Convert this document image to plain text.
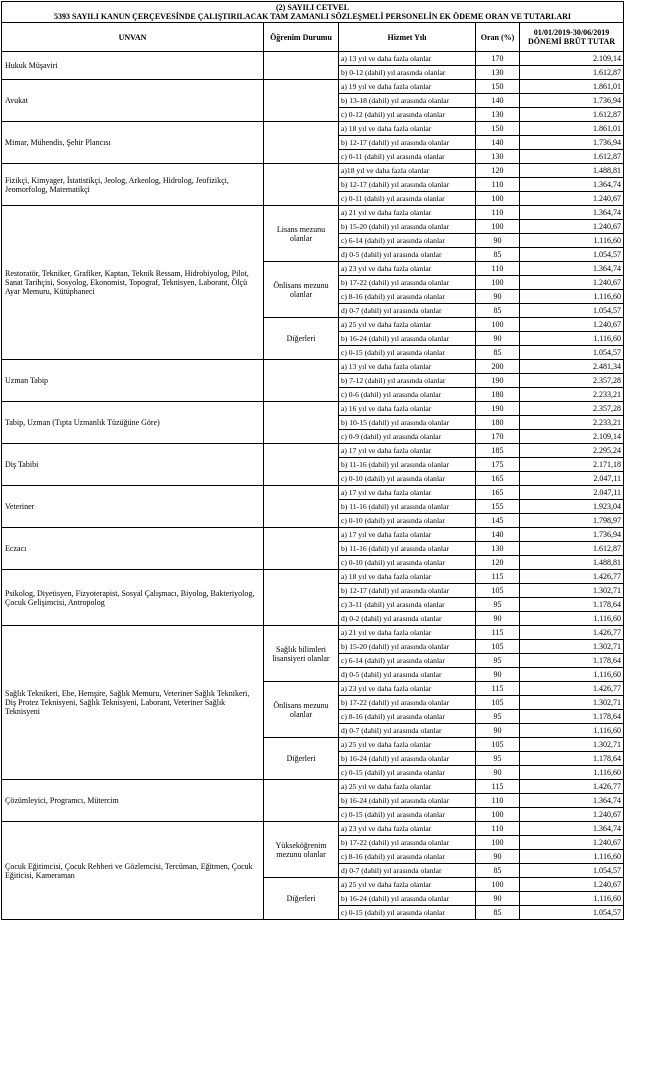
(2) SAYILI CETVEL
5393 SAYILI KANUN ÇERÇEVESİNDE ÇALIŞTIRILACAK TAM ZAMANLI SÖZLEŞMELİ PERSONELİN EK ÖDEME ORAN VE TUTARLARI				

UNVAN	Öğrenim Durumu	Hizmet Yılı	Oran (%)	01/01/2019-30/06/2019
DÖNEMİ BRÜT TUTAR

Hukuk Müşaviri		a) 13 yıl ve daha fazla olanlar	170	2.109,14
		b) 0-12 (dahil) yıl arasında olanlar	130	1.612,87
Avukat		a) 19 yıl ve daha fazla olanlar	150	1.861,01
		b) 13-18 (dahil) yıl arasında olanlar	140	1.736,94
		c) 0-12 (dahil) yıl arasında olanlar	130	1.612,87
Mimar, Mühendis, Şehir Plancısı		a) 18 yıl ve daha fazla olanlar	150	1.861,01
		b) 12-17 (dahil) yıl arasında olanlar	140	1.736,94
		c) 0-11 (dahil) yıl arasında olanlar	130	1.612,87
Fizikçi, Kimyager, İstatistikçi, Jeolog, Arkeolog, Hidrolog, Jeofizikçi, Jeomorfolog, Matematikçi		a)18 yıl ve daha fazla olanlar	120	1.488,81
		b) 12-17 (dahil) yıl arasında olanlar	110	1.364,74
		c) 0-11 (dahil) yıl arasında olanlar	100	1.240,67
Restoratör, Tekniker, Grafiker, Kaptan, Teknik Ressam, Hidrobiyolog, Pilot, Sanat Tarihçisi, Sosyolog, Ekonomist, Topograf, Teknisyen, Laborant, Ölçü Ayar Memuru, Kütüphaneci	Lisans mezunu olanlar	a) 21 yıl ve daha fazla olanlar	110	1.364,74
		b) 15-20 (dahil) yıl arasında olanlar	100	1.240,67
		c) 6-14 (dahil) yıl arasında olanlar	90	1.116,60
		d) 0-5 (dahil) yıl arasında olanlar	85	1.054,57
	Önlisans mezunu olanlar	a) 23 yıl ve daha fazla olanlar	110	1.364,74
		b) 17-22 (dahil) yıl arasında olanlar	100	1.240,67
		c) 8-16 (dahil) yıl arasında olanlar	90	1.116,60
		d) 0-7 (dahil) yıl arasında olanlar	85	1.054,57
	Diğerleri	a) 25 yıl ve daha fazla olanlar	100	1.240,67
		b) 16-24 (dahil) yıl arasında olanlar	90	1.116,60
		c) 0-15 (dahil) yıl arasında olanlar	85	1.054,57
Uzman Tabip		a) 13 yıl ve daha fazla olanlar	200	2.481,34
		b) 7-12 (dahil) yıl arasında olanlar	190	2.357,28
		c) 0-6 (dahil) yıl arasında olanlar	180	2.233,21
Tabip, Uzman (Tıpta Uzmanlık Tüzüğüne Göre)		a) 16 yıl ve daha fazla olanlar	190	2.357,28
		b) 10-15 (dahil) yıl arasında olanlar	180	2.233,21
		c) 0-9 (dahil) yıl arasında olanlar	170	2.109,14
Diş Tabibi		a) 17 yıl ve daha fazla olanlar	185	2.295,24
		b) 11-16 (dahil) yıl arasında olanlar	175	2.171,18
		c) 0-10 (dahil) yıl arasında olanlar	165	2.047,11
Veteriner		a) 17 yıl ve daha fazla olanlar	165	2.047,11
		b) 11-16 (dahil) yıl arasında olanlar	155	1.923,04
		c) 0-10 (dahil) yıl arasında olanlar	145	1.798,97
Eczacı		a) 17 yıl ve daha fazla olanlar	140	1.736,94
		b) 11-16 (dahil) yıl arasında olanlar	130	1.612,87
		c) 0-10 (dahil) yıl arasında olanlar	120	1.488,81
Psikolog, Diyetisyen, Fizyoterapist, Sosyal Çalışmacı, Biyolog, Bakteriyolog, Çocuk Gelişimcisi, Antropolog		a) 18 yıl ve daha fazla olanlar	115	1.426,77
		b) 12-17 (dahil) yıl arasında olanlar	105	1.302,71
		c) 3-11 (dahil) yıl arasında olanlar	95	1.178,64
		d) 0-2 (dahil) yıl arasında olanlar	90	1.116,60
Sağlık Teknikeri, Ebe, Hemşire, Sağlık Memuru, Veteriner Sağlık Teknikeri, Diş Protez Teknisyeni, Sağlık Teknisyeni, Laborant, Veteriner Sağlık Teknisyeni	Sağlık bilimleri lisansiyeri olanlar	a) 21 yıl ve daha fazla olanlar	115	1.426,77
		b) 15-20 (dahil) yıl arasında olanlar	105	1.302,71
		c) 6-14 (dahil) yıl arasında olanlar	95	1.178,64
		d) 0-5 (dahil) yıl arasında olanlar	90	1.116,60
	Önlisans mezunu olanlar	a) 23 yıl ve daha fazla olanlar	115	1.426,77
		b) 17-22 (dahil) yıl arasında olanlar	105	1.302,71
		c) 8-16 (dahil) yıl arasında olanlar	95	1.178,64
		d) 0-7 (dahil) yıl arasında olanlar	90	1.116,60
	Diğerleri	a) 25 yıl ve daha fazla olanlar	105	1.302,71
		b) 16-24 (dahil) yıl arasında olanlar	95	1.178,64
		c) 0-15 (dahil) yıl arasında olanlar	90	1.116,60
Çözümleyici, Programcı, Mütercim		a) 25 yıl ve daha fazla olanlar	115	1.426,77
		b) 16-24 (dahil) yıl arasında olanlar	110	1.364,74
		c) 0-15 (dahil) yıl arasında olanlar	100	1.240,67
Çocuk Eğitimcisi, Çocuk Rehberi ve Gözlemcisi, Tercüman, Eğitmen, Çocuk Eğiticisi, Kameraman	Yükseköğrenim mezunu olanlar	a) 23 yıl ve daha fazla olanlar	110	1.364,74
		b) 17-22 (dahil) yıl arasında olanlar	100	1.240,67
		c) 8-16 (dahil) yıl arasında olanlar	90	1.116,60
		d) 0-7 (dahil) yıl arasında olanlar	85	1.054,57
	Diğerleri	a) 25 yıl ve daha fazla olanlar	100	1.240,67
		b) 16-24 (dahil) yıl arasında olanlar	90	1.116,60
		c) 0-15 (dahil) yıl arasında olanlar	85	1.054,57
